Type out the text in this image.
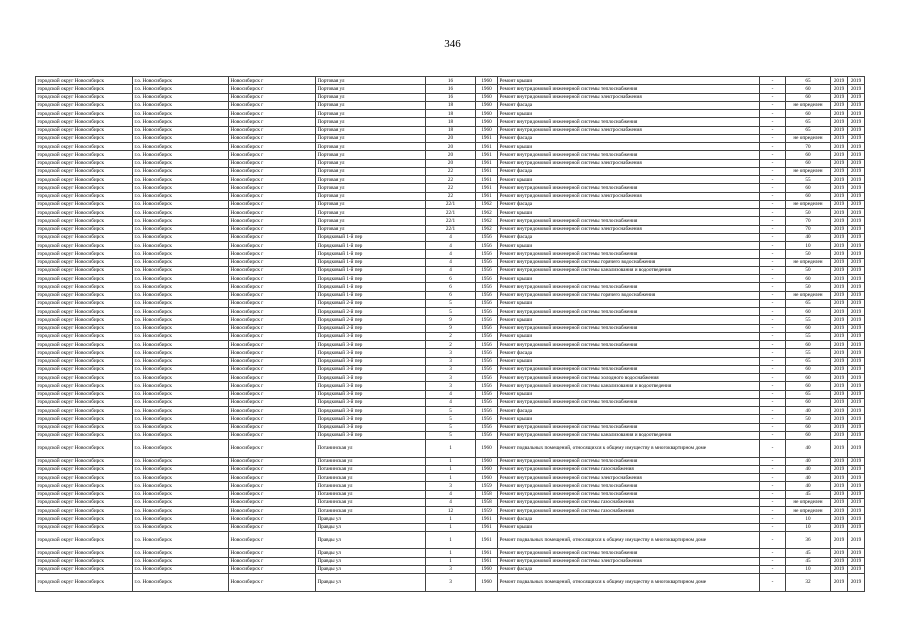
346
городской округ Новосибирск	г.о. Новосибирск	Новосибирск г	Портовая ул	16	1960	Ремонт крыши	-	65	2019	2019
городской округ Новосибирск	г.о. Новосибирск	Новосибирск г	Портовая ул	16	1960	Ремонт внутридомовой инженерной системы теплоснабжения	-	60	2019	2019
городской округ Новосибирск	г.о. Новосибирск	Новосибирск г	Портовая ул	16	1960	Ремонт внутридомовой инженерной системы электроснабжения	-	60	2019	2019
городской округ Новосибирск	г.о. Новосибирск	Новосибирск г	Портовая ул	18	1960	Ремонт фасада	-	не определен	2019	2019
городской округ Новосибирск	г.о. Новосибирск	Новосибирск г	Портовая ул	18	1960	Ремонт крыши	-	60	2019	2019
городской округ Новосибирск	г.о. Новосибирск	Новосибирск г	Портовая ул	18	1960	Ремонт внутридомовой инженерной системы теплоснабжения	-	65	2019	2019
городской округ Новосибирск	г.о. Новосибирск	Новосибирск г	Портовая ул	18	1960	Ремонт внутридомовой инженерной системы электроснабжения	-	65	2019	2019
городской округ Новосибирск	г.о. Новосибирск	Новосибирск г	Портовая ул	20	1961	Ремонт фасада	-	не определен	2019	2019
городской округ Новосибирск	г.о. Новосибирск	Новосибирск г	Портовая ул	20	1961	Ремонт крыши	-	70	2019	2019
городской округ Новосибирск	г.о. Новосибирск	Новосибирск г	Портовая ул	20	1961	Ремонт внутридомовой инженерной системы теплоснабжения	-	60	2019	2019
городской округ Новосибирск	г.о. Новосибирск	Новосибирск г	Портовая ул	20	1961	Ремонт внутридомовой инженерной системы электроснабжения	-	60	2019	2019
городской округ Новосибирск	г.о. Новосибирск	Новосибирск г	Портовая ул	22	1961	Ремонт фасада	-	не определен	2019	2019
городской округ Новосибирск	г.о. Новосибирск	Новосибирск г	Портовая ул	22	1961	Ремонт крыши	-	55	2019	2019
городской округ Новосибирск	г.о. Новосибирск	Новосибирск г	Портовая ул	22	1961	Ремонт внутридомовой инженерной системы теплоснабжения	-	60	2019	2019
городской округ Новосибирск	г.о. Новосибирск	Новосибирск г	Портовая ул	22	1961	Ремонт внутридомовой инженерной системы электроснабжения	-	60	2019	2019
городской округ Новосибирск	г.о. Новосибирск	Новосибирск г	Портовая ул	22/1	1962	Ремонт фасада	-	не определен	2019	2019
городской округ Новосибирск	г.о. Новосибирск	Новосибирск г	Портовая ул	22/1	1962	Ремонт крыши	-	50	2019	2019
городской округ Новосибирск	г.о. Новосибирск	Новосибирск г	Портовая ул	22/1	1962	Ремонт внутридомовой инженерной системы теплоснабжения	-	70	2019	2019
городской округ Новосибирск	г.о. Новосибирск	Новосибирск г	Портовая ул	22/1	1962	Ремонт внутридомовой инженерной системы электроснабжения	-	70	2019	2019
городской округ Новосибирск	г.о. Новосибирск	Новосибирск г	Порядковый 1-й пер	4	1956	Ремонт фасада	-	40	2019	2019
городской округ Новосибирск	г.о. Новосибирск	Новосибирск г	Порядковый 1-й пер	4	1956	Ремонт крыши	-	10	2019	2019
городской округ Новосибирск	г.о. Новосибирск	Новосибирск г	Порядковый 1-й пер	4	1956	Ремонт внутридомовой инженерной системы теплоснабжения	-	50	2019	2019
городской округ Новосибирск	г.о. Новосибирск	Новосибирск г	Порядковый 1-й пер	4	1956	Ремонт внутридомовой инженерной системы горячего водоснабжения	-	не определен	2019	2019
городской округ Новосибирск	г.о. Новосибирск	Новосибирск г	Порядковый 1-й пер	4	1956	Ремонт внутридомовой инженерной системы канализования и водоотведения	-	50	2019	2019
городской округ Новосибирск	г.о. Новосибирск	Новосибирск г	Порядковый 1-й пер	6	1956	Ремонт крыши	-	60	2019	2019
городской округ Новосибирск	г.о. Новосибирск	Новосибирск г	Порядковый 1-й пер	6	1956	Ремонт внутридомовой инженерной системы теплоснабжения	-	50	2019	2019
городской округ Новосибирск	г.о. Новосибирск	Новосибирск г	Порядковый 1-й пер	6	1956	Ремонт внутридомовой инженерной системы горячего водоснабжения	-	не определен	2019	2019
городской округ Новосибирск	г.о. Новосибирск	Новосибирск г	Порядковый 2-й пер	5	1956	Ремонт крыши	-	65	2019	2019
городской округ Новосибирск	г.о. Новосибирск	Новосибирск г	Порядковый 2-й пер	5	1956	Ремонт внутридомовой инженерной системы теплоснабжения	-	60	2019	2019
городской округ Новосибирск	г.о. Новосибирск	Новосибирск г	Порядковый 2-й пер	9	1956	Ремонт крыши	-	55	2019	2019
городской округ Новосибирск	г.о. Новосибирск	Новосибирск г	Порядковый 2-й пер	9	1956	Ремонт внутридомовой инженерной системы теплоснабжения	-	60	2019	2019
городской округ Новосибирск	г.о. Новосибирск	Новосибирск г	Порядковый 3-й пер	2	1956	Ремонт крыши	-	55	2019	2019
городской округ Новосибирск	г.о. Новосибирск	Новосибирск г	Порядковый 3-й пер	2	1956	Ремонт внутридомовой инженерной системы теплоснабжения	-	60	2019	2019
городской округ Новосибирск	г.о. Новосибирск	Новосибирск г	Порядковый 3-й пер	3	1956	Ремонт фасада	-	55	2019	2019
городской округ Новосибирск	г.о. Новосибирск	Новосибирск г	Порядковый 3-й пер	3	1956	Ремонт крыши	-	65	2019	2019
городской округ Новосибирск	г.о. Новосибирск	Новосибирск г	Порядковый 3-й пер	3	1956	Ремонт внутридомовой инженерной системы теплоснабжения	-	60	2019	2019
городской округ Новосибирск	г.о. Новосибирск	Новосибирск г	Порядковый 3-й пер	3	1956	Ремонт внутридомовой инженерной системы холодного водоснабжения	-	60	2019	2019
городской округ Новосибирск	г.о. Новосибирск	Новосибирск г	Порядковый 3-й пер	3	1956	Ремонт внутридомовой инженерной системы канализования и водоотведения	-	60	2019	2019
городской округ Новосибирск	г.о. Новосибирск	Новосибирск г	Порядковый 3-й пер	4	1956	Ремонт крыши	-	65	2019	2019
городской округ Новосибирск	г.о. Новосибирск	Новосибирск г	Порядковый 3-й пер	4	1956	Ремонт внутридомовой инженерной системы теплоснабжения	-	60	2019	2019
городской округ Новосибирск	г.о. Новосибирск	Новосибирск г	Порядковый 3-й пер	5	1956	Ремонт фасада	-	40	2019	2019
городской округ Новосибирск	г.о. Новосибирск	Новосибирск г	Порядковый 3-й пер	5	1956	Ремонт крыши	-	50	2019	2019
городской округ Новосибирск	г.о. Новосибирск	Новосибирск г	Порядковый 3-й пер	5	1956	Ремонт внутридомовой инженерной системы теплоснабжения	-	60	2019	2019
городской округ Новосибирск	г.о. Новосибирск	Новосибирск г	Порядковый 3-й пер	5	1956	Ремонт внутридомовой инженерной системы канализования и водоотведения	-	60	2019	2019
городской округ Новосибирск	г.о. Новосибирск	Новосибирск г	Потанинская ул	1	1960	Ремонт подвальных помещений, относящихся к общему имуществу в многоквартирном доме	-	40	2019	2019
городской округ Новосибирск	г.о. Новосибирск	Новосибирск г	Потанинская ул	1	1960	Ремонт внутридомовой инженерной системы теплоснабжения	-	40	2019	2019
городской округ Новосибирск	г.о. Новосибирск	Новосибирск г	Потанинская ул	1	1960	Ремонт внутридомовой инженерной системы газоснабжения	-	40	2019	2019
городской округ Новосибирск	г.о. Новосибирск	Новосибирск г	Потанинская ул	1	1960	Ремонт внутридомовой инженерной системы электроснабжения	-	40	2019	2019
городской округ Новосибирск	г.о. Новосибирск	Новосибирск г	Потанинская ул	3	1959	Ремонт внутридомовой инженерной системы теплоснабжения	-	40	2019	2019
городской округ Новосибирск	г.о. Новосибирск	Новосибирск г	Потанинская ул	4	1958	Ремонт внутридомовой инженерной системы теплоснабжения	-	45	2019	2019
городской округ Новосибирск	г.о. Новосибирск	Новосибирск г	Потанинская ул	4	1958	Ремонт внутридомовой инженерной системы газоснабжения	-	не определен	2019	2019
городской округ Новосибирск	г.о. Новосибирск	Новосибирск г	Потанинская ул	12	1959	Ремонт внутридомовой инженерной системы газоснабжения	-	не определен	2019	2019
городской округ Новосибирск	г.о. Новосибирск	Новосибирск г	Правды ул	1	1961	Ремонт фасада	-	10	2019	2019
городской округ Новосибирск	г.о. Новосибирск	Новосибирск г	Правды ул	1	1961	Ремонт крыши	-	10	2019	2019
городской округ Новосибирск	г.о. Новосибирск	Новосибирск г	Правды ул	1	1961	Ремонт подвальных помещений, относящихся к общему имуществу в многоквартирном доме	-	36	2019	2019
городской округ Новосибирск	г.о. Новосибирск	Новосибирск г	Правды ул	1	1961	Ремонт внутридомовой инженерной системы теплоснабжения	-	45	2019	2019
городской округ Новосибирск	г.о. Новосибирск	Новосибирск г	Правды ул	1	1961	Ремонт внутридомовой инженерной системы электроснабжения	-	45	2019	2019
городской округ Новосибирск	г.о. Новосибирск	Новосибирск г	Правды ул	3	1960	Ремонт фасада	-	10	2019	2019
городской округ Новосибирск	г.о. Новосибирск	Новосибирск г	Правды ул	3	1960	Ремонт подвальных помещений, относящихся к общему имуществу в многоквартирном доме	-	32	2019	2019
